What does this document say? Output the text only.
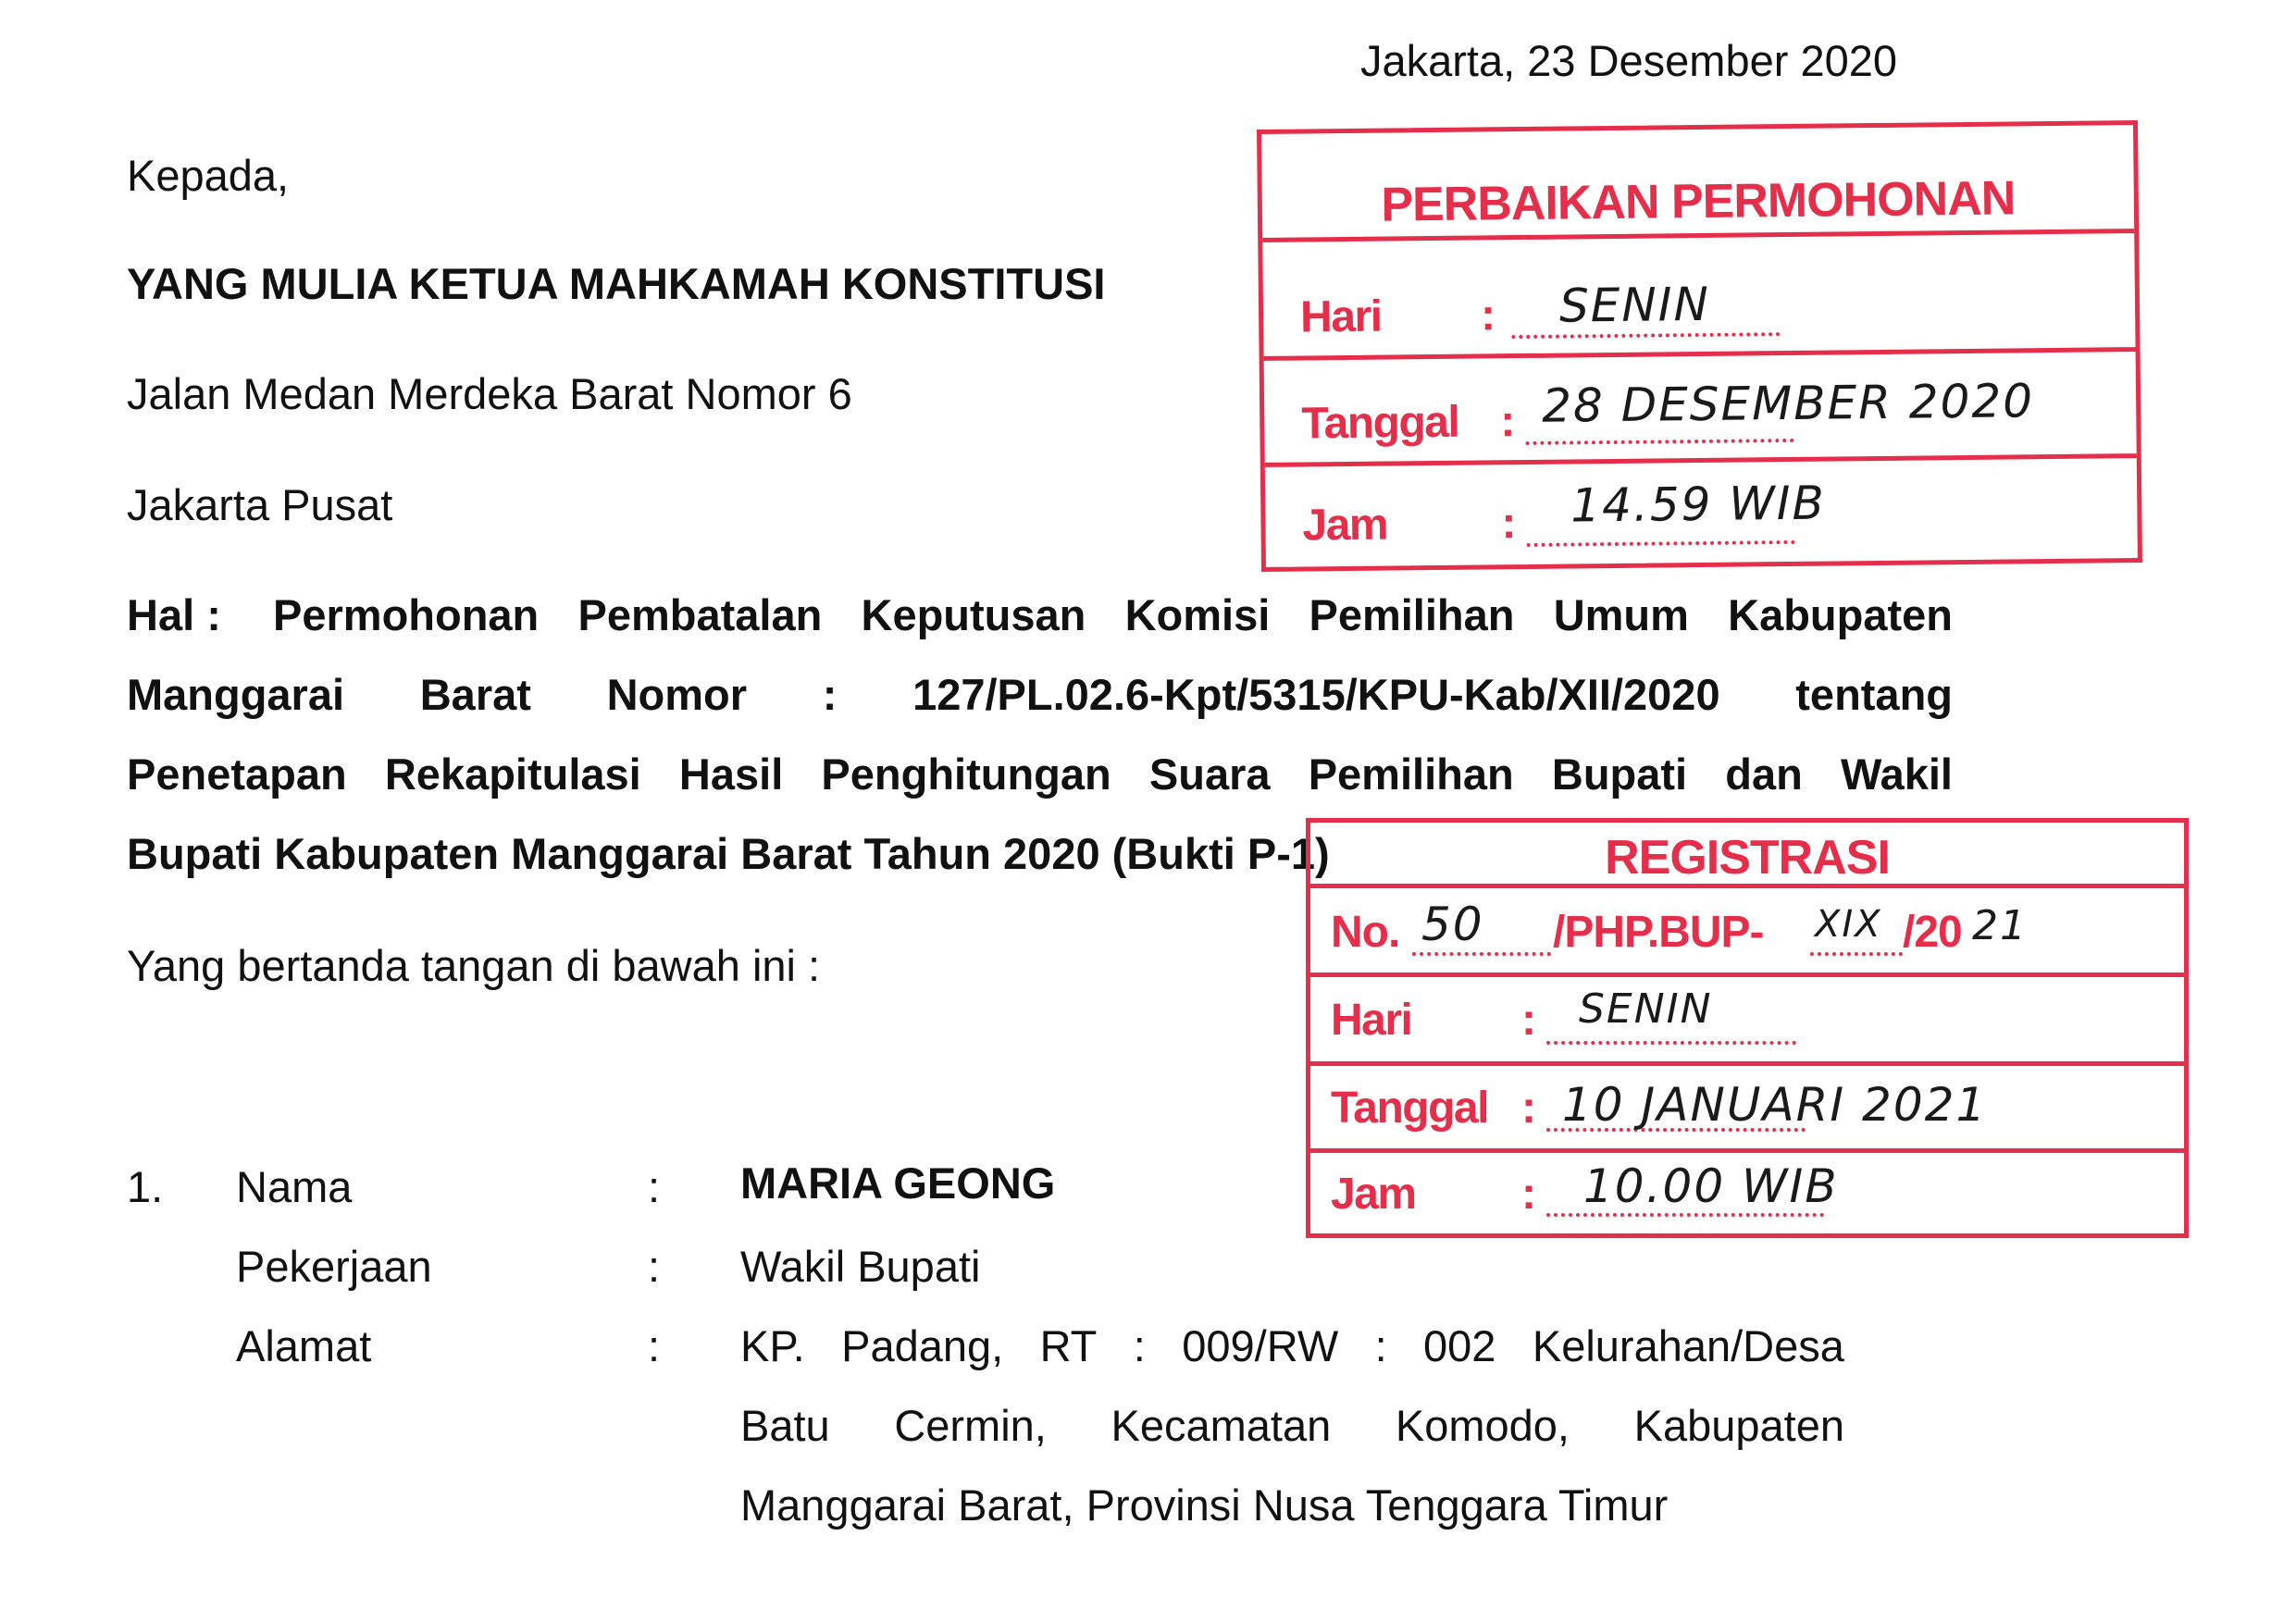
Jakarta, 23 Desember 2020
Kepada,
YANG MULIA KETUA MAHKAMAH KONSTITUSI
Jalan Medan Merdeka Barat Nomor 6
Jakarta Pusat
Hal : Permohonan Pembatalan Keputusan Komisi Pemilihan Umum Kabupaten
Manggarai Barat Nomor : 127/PL.02.6-Kpt/5315/KPU-Kab/XII/2020 tentang
Penetapan Rekapitulasi Hasil Penghitungan Suara Pemilihan Bupati dan Wakil
Bupati Kabupaten Manggarai Barat Tahun 2020 (Bukti P-1)
Yang bertanda tangan di bawah ini :
1. Nama	: MARIA GEONG
Pekerjaan	: Wakil Bupati
Alamat	: KP. Padang, RT : 009/RW : 002 Kelurahan/Desa
Batu Cermin, Kecamatan Komodo, Kabupaten
Manggarai Barat, Provinsi Nusa Tenggara Timur
PERBAIKAN PERMOHONAN
Hari : SENIN
Tanggal : 28 DESEMBER 2020
Jam	: 14.59 WIB
REGISTRASI
No. 50 /PHP.BUP- XIX /20 21
Hari : SENIN
Tanggal : 10 JANUARI 2021
Jam : 10.00 WIB
